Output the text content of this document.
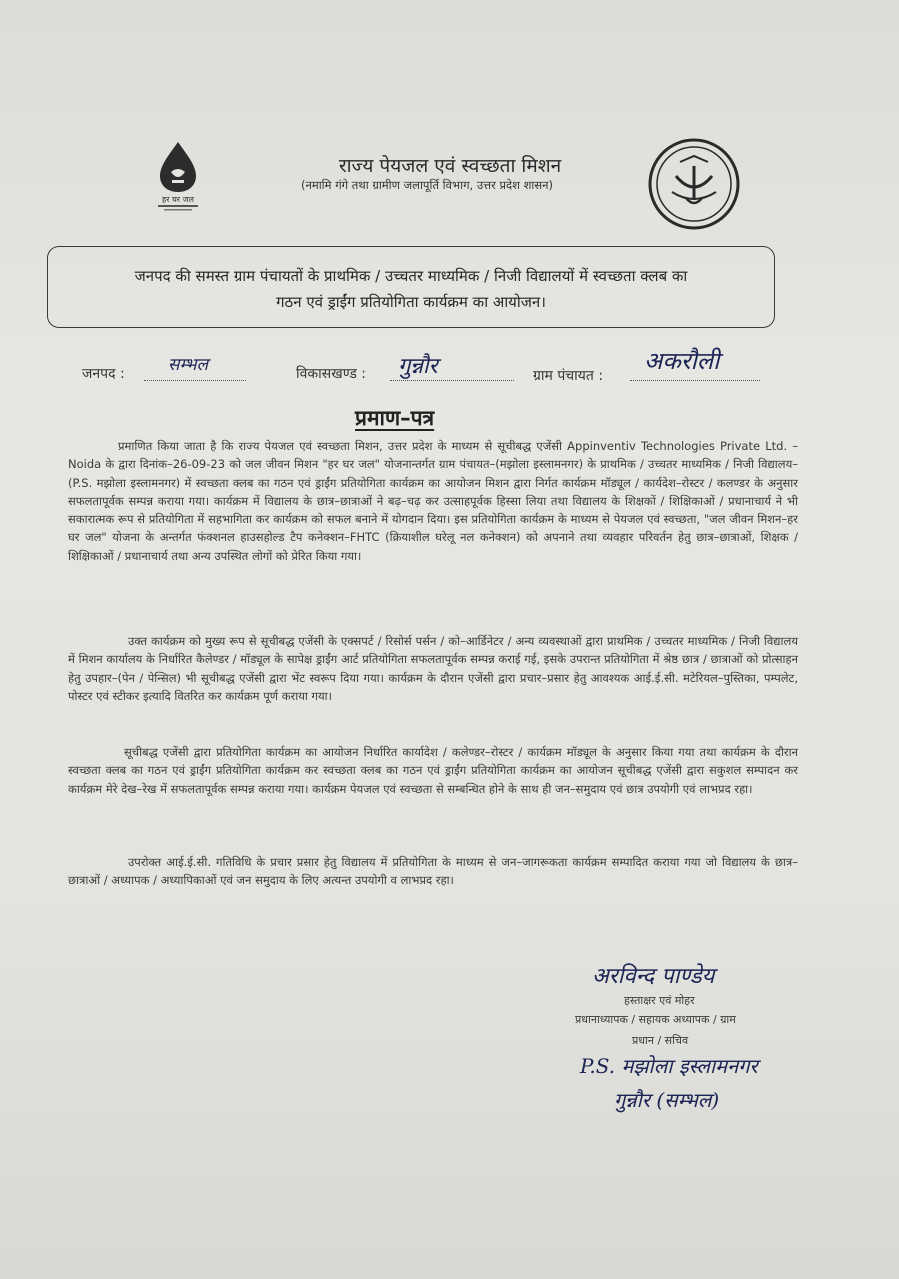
हर घर जल
राज्य पेयजल एवं स्वच्छता मिशन
(नमामि गंगे तथा ग्रामीण जलापूर्ति विभाग, उत्तर प्रदेश शासन)
जनपद की समस्त ग्राम पंचायतों के प्राथमिक / उच्चतर माध्यमिक / निजी विद्यालयों में स्वच्छता क्लब का
गठन एवं ड्राईंग प्रतियोगिता कार्यक्रम का आयोजन।
जनपद :	सम्भल	विकासखण्ड : गुन्नौर	ग्राम पंचायत :
अकरौली
प्रमाण–पत्र
प्रमाणित किया जाता है कि राज्य पेयजल एवं स्वच्छता मिशन, उत्तर प्रदेश के माध्यम से सूचीबद्ध एजेंसी Appinventiv Technologies Private Ltd. – Noida के द्वारा दिनांक–26-09-23 को जल जीवन मिशन "हर घर जल" योजनान्तर्गत ग्राम पंचायत–(मझोला इस्लामनगर) के प्राथमिक / उच्चतर माध्यमिक / निजी विद्यालय–(P.S. मझोला इस्लामनगर) में स्वच्छता क्लब का गठन एवं ड्राईंग प्रतियोगिता कार्यक्रम का आयोजन मिशन द्वारा निर्गत कार्यक्रम मॉड्यूल / कार्यदेश–रोस्टर / कलण्डर के अनुसार सफलतापूर्वक सम्पन्न कराया गया। कार्यक्रम में विद्यालय के छात्र–छात्राओं ने बढ़–चढ़ कर उत्साहपूर्वक हिस्सा लिया तथा विद्यालय के शिक्षकों / शिक्षिकाओं / प्रधानाचार्य ने भी सकारात्मक रूप से प्रतियोगिता में सहभागिता कर कार्यक्रम को सफल बनाने में योगदान दिया। इस प्रतियोगिता कार्यक्रम के माध्यम से पेयजल एवं स्वच्छता, "जल जीवन मिशन–हर घर जल" योजना के अन्तर्गत फंक्शनल हाउसहोल्ड टैप कनेक्शन–FHTC (क्रियाशील घरेलू नल कनेक्शन) को अपनाने तथा व्यवहार परिवर्तन हेतु छात्र–छात्राओं, शिक्षक / शिक्षिकाओं / प्रधानाचार्य तथा अन्य उपस्थित लोगों को प्रेरित किया गया।
उक्त कार्यक्रम को मुख्य रूप से सूचीबद्ध एजेंसी के एक्सपर्ट / रिसोर्स पर्सन / को–आर्डिनेटर / अन्य व्यवस्थाओं द्वारा प्राथमिक / उच्चतर माध्यमिक / निजी विद्यालय में मिशन कार्यालय के निर्धारित कैलेण्डर / मॉड्यूल के सापेक्ष ड्राईंग आर्ट प्रतियोगिता सफलतापूर्वक सम्पन्न कराई गई, इसके उपरान्त प्रतियोगिता में श्रेष्ठ छात्र / छात्राओं को प्रोत्साहन हेतु उपहार–(पेन / पेन्सिल) भी सूचीबद्ध एजेंसी द्वारा भेंट स्वरूप दिया गया। कार्यक्रम के दौरान एजेंसी द्वारा प्रचार–प्रसार हेतु आवश्यक आई.ई.सी. मटेरियल–पुस्तिका, पम्पलेट, पोस्टर एवं स्टीकर इत्यादि वितरित कर कार्यक्रम पूर्ण कराया गया।
सूचीबद्ध एजेंसी द्वारा प्रतियोगिता कार्यक्रम का आयोजन निर्धारित कार्यादेश / कलेण्डर–रोस्टर / कार्यक्रम मॉड्यूल के अनुसार किया गया तथा कार्यक्रम के दौरान स्वच्छता क्लब का गठन एवं ड्राईंग प्रतियोगिता कार्यक्रम कर स्वच्छता क्लब का गठन एवं ड्राईंग प्रतियोगिता कार्यक्रम का आयोजन सूचीबद्ध एजेंसी द्वारा सकुशल सम्पादन कर कार्यक्रम मेरे देख–रेख में सफलतापूर्वक सम्पन्न कराया गया। कार्यक्रम पेयजल एवं स्वच्छता से सम्बन्धित होने के साथ ही जन–समुदाय एवं छात्र उपयोगी एवं लाभप्रद रहा।
उपरोक्त आई.ई.सी. गतिविधि के प्रचार प्रसार हेतु विद्यालय में प्रतियोगिता के माध्यम से जन–जागरूकता कार्यक्रम सम्पादित कराया गया जो विद्यालय के छात्र–छात्राओं / अध्यापक / अध्यापिकाओं एवं जन समुदाय के लिए अत्यन्त उपयोगी व लाभप्रद रहा।
अरविन्द पाण्डेय
हस्ताक्षर एवं मोहर
प्रधानाध्यापक / सहायक अध्यापक / ग्राम
प्रधान / सचिव
P.S. मझोला इस्लामनगर
गुन्नौर (सम्भल)
